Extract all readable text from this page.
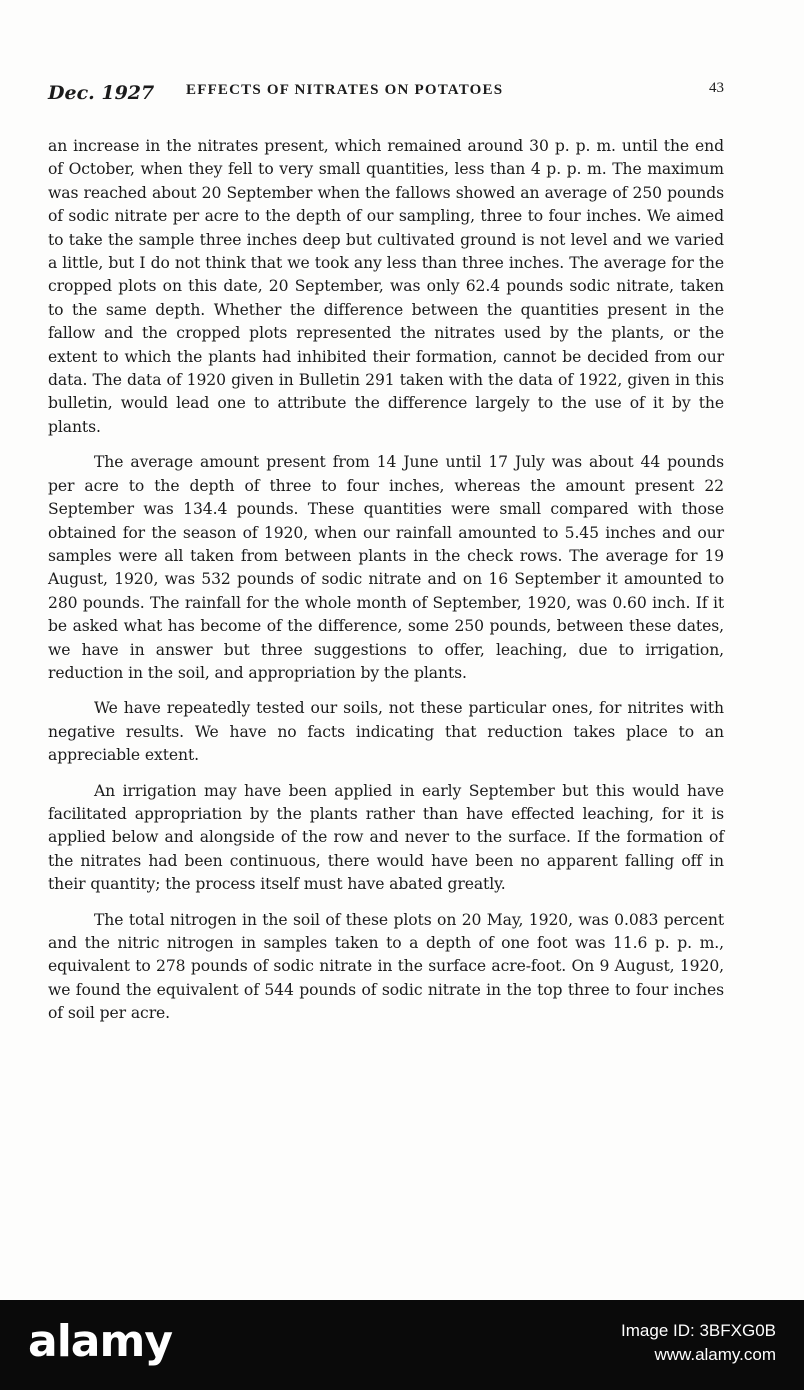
Dec. 1927 EFFECTS OF NITRATES ON POTATOES	43

an increase in the nitrates present, which remained around 30 p. p. m. until the end of October, when they fell to very small quantities, less than 4 p. p. m. The maximum was reached about 20 September when the fallows showed an average of 250 pounds of sodic nitrate per acre to the depth of our sampling, three to four inches. We aimed to take the sample three inches deep but cultivated ground is not level and we varied a little, but I do not think that we took any less than three inches. The average for the cropped plots on this date, 20 September, was only 62.4 pounds sodic nitrate, taken to the same depth. Whether the difference between the quantities present in the fallow and the cropped plots represented the nitrates used by the plants, or the extent to which the plants had inhibited their formation, cannot be decided from our data. The data of 1920 given in Bulletin 291 taken with the data of 1922, given in this bulletin, would lead one to attribute the difference largely to the use of it by the plants.

The average amount present from 14 June until 17 July was about 44 pounds per acre to the depth of three to four inches, whereas the amount present 22 September was 134.4 pounds. These quantities were small compared with those obtained for the season of 1920, when our rainfall amounted to 5.45 inches and our samples were all taken from between plants in the check rows. The average for 19 August, 1920, was 532 pounds of sodic nitrate and on 16 September it amounted to 280 pounds. The rainfall for the whole month of September, 1920, was 0.60 inch. If it be asked what has become of the difference, some 250 pounds, between these dates, we have in answer but three suggestions to offer, leaching, due to irrigation, reduction in the soil, and appropriation by the plants.

We have repeatedly tested our soils, not these particular ones, for nitrites with negative results. We have no facts indicating that reduction takes place to an appreciable extent.

An irrigation may have been applied in early September but this would have facilitated appropriation by the plants rather than have effected leaching, for it is applied below and alongside of the row and never to the surface. If the formation of the nitrates had been continuous, there would have been no apparent falling off in their quantity; the process itself must have abated greatly.

The total nitrogen in the soil of these plots on 20 May, 1920, was 0.083 percent and the nitric nitrogen in samples taken to a depth of one foot was 11.6 p. p. m., equivalent to 278 pounds of sodic nitrate in the surface acre-foot. On 9 August, 1920, we found the equivalent of 544 pounds of sodic nitrate in the top three to four inches of soil per acre.

alamy	Image ID: 3BFXG0B
www.alamy.com
